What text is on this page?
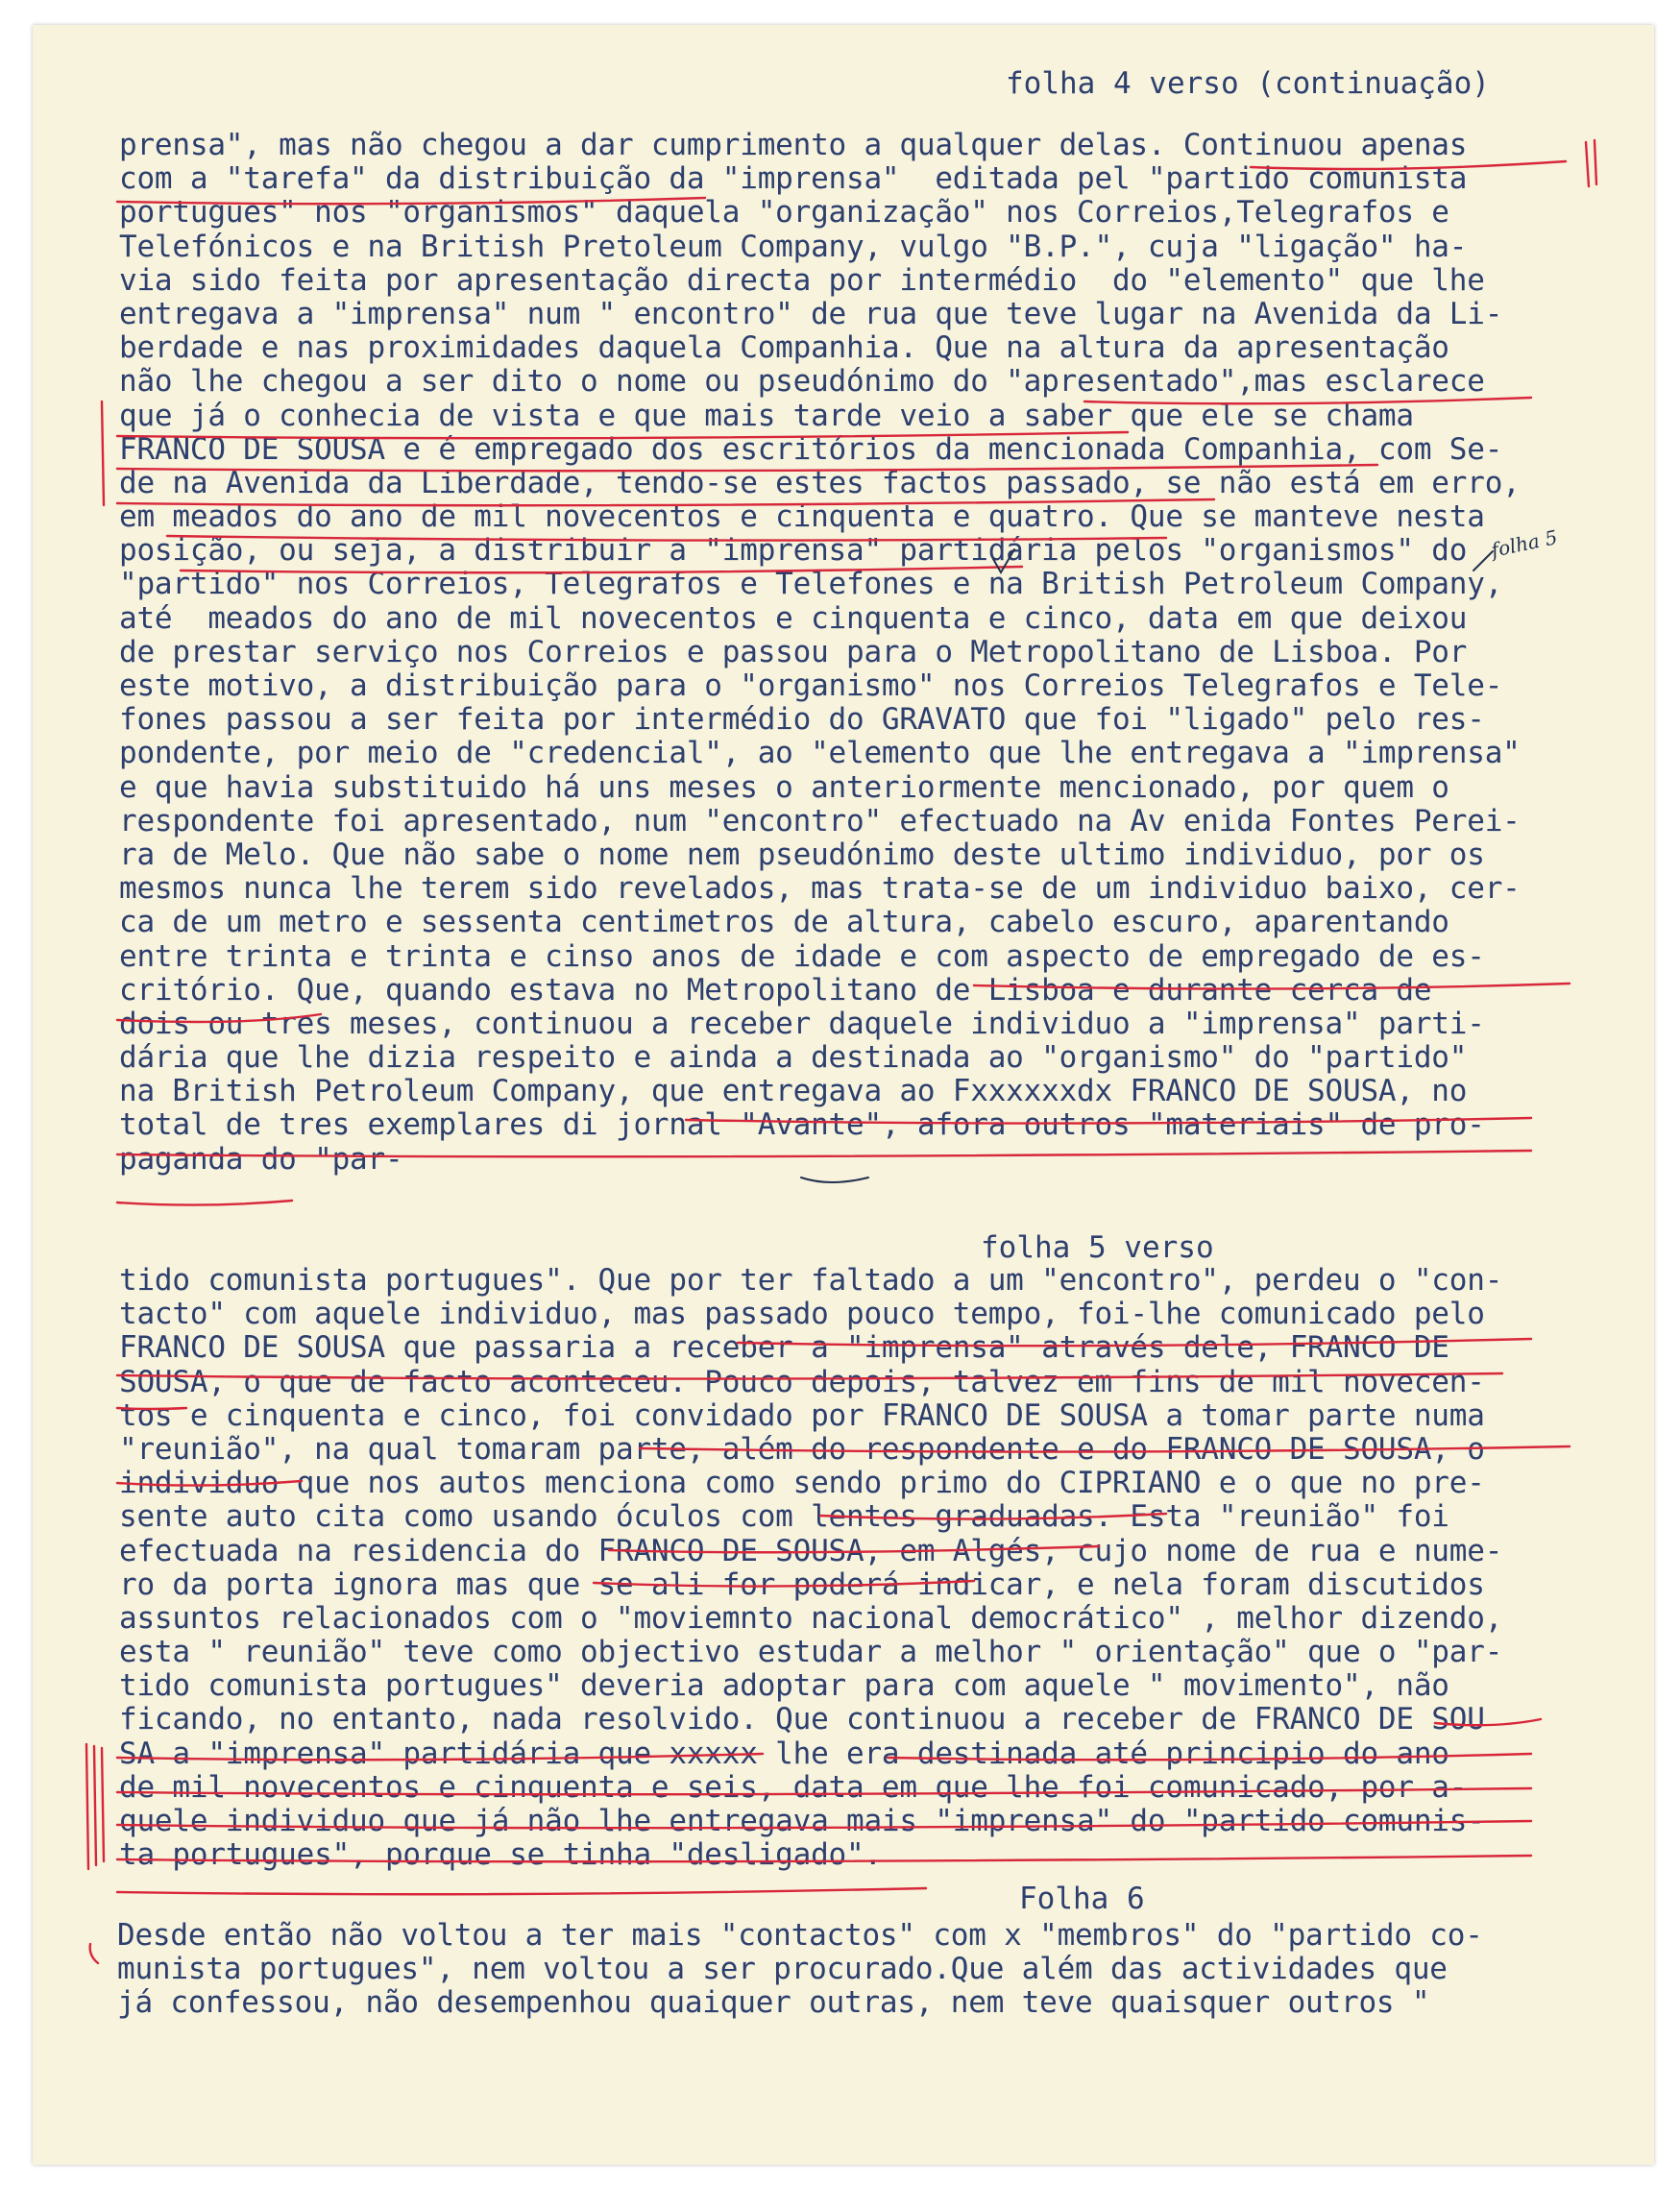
folha 4 verso (continuação)
prensa", mas não chegou a dar cumprimento a qualquer delas. Continuou apenas
com a "tarefa" da distribuição da "imprensa"  editada pel "partido comunista
portugues" nos "organismos" daquela "organização" nos Correios,Telegrafos e
Telefónicos e na British Pretoleum Company, vulgo "B.P.", cuja "ligação" ha-
via sido feita por apresentação directa por intermédio  do "elemento" que lhe
entregava a "imprensa" num " encontro" de rua que teve lugar na Avenida da Li-
berdade e nas proximidades daquela Companhia. Que na altura da apresentação
não lhe chegou a ser dito o nome ou pseudónimo do "apresentado",mas esclarece
que já o conhecia de vista e que mais tarde veio a saber que ele se chama
FRANCO DE SOUSA e é empregado dos escritórios da mencionada Companhia, com Se-
de na Avenida da Liberdade, tendo-se estes factos passado, se não está em erro,
em meados do ano de mil novecentos e cinquenta e quatro. Que se manteve nesta
posição, ou seja, a distribuir a "imprensa" partidária pelos "organismos" do
"partido" nos Correios, Telegrafos e Telefones e na British Petroleum Company,
até  meados do ano de mil novecentos e cinquenta e cinco, data em que deixou
de prestar serviço nos Correios e passou para o Metropolitano de Lisboa. Por
este motivo, a distribuição para o "organismo" nos Correios Telegrafos e Tele-
fones passou a ser feita por intermédio do GRAVATO que foi "ligado" pelo res-
pondente, por meio de "credencial", ao "elemento que lhe entregava a "imprensa"
e que havia substituido há uns meses o anteriormente mencionado, por quem o
respondente foi apresentado, num "encontro" efectuado na Av enida Fontes Perei-
ra de Melo. Que não sabe o nome nem pseudónimo deste ultimo individuo, por os
mesmos nunca lhe terem sido revelados, mas trata-se de um individuo baixo, cer-
ca de um metro e sessenta centimetros de altura, cabelo escuro, aparentando
entre trinta e trinta e cinso anos de idade e com aspecto de empregado de es-
critório. Que, quando estava no Metropolitano de Lisboa e durante cerca de
dois ou tres meses, continuou a receber daquele individuo a "imprensa" parti-
dária que lhe dizia respeito e ainda a destinada ao "organismo" do "partido"
na British Petroleum Company, que entregava ao Fxxxxxxdx FRANCO DE SOUSA, no
total de tres exemplares di jornal "Avante", afora outros "materiais" de pro-
paganda do "par-
folha 5 verso
tido comunista portugues". Que por ter faltado a um "encontro", perdeu o "con-
tacto" com aquele individuo, mas passado pouco tempo, foi-lhe comunicado pelo
FRANCO DE SOUSA que passaria a receber a "imprensa" através dele, FRANCO DE
SOUSA, o que de facto aconteceu. Pouco depois, talvez em fins de mil novecen-
tos e cinquenta e cinco, foi convidado por FRANCO DE SOUSA a tomar parte numa
"reunião", na qual tomaram parte, além do respondente e do FRANCO DE SOUSA, o
individuo que nos autos menciona como sendo primo do CIPRIANO e o que no pre-
sente auto cita como usando óculos com lentes graduadas. Esta "reunião" foi
efectuada na residencia do FRANCO DE SOUSA, em Algés, cujo nome de rua e nume-
ro da porta ignora mas que se ali for poderá indicar, e nela foram discutidos
assuntos relacionados com o "moviemnto nacional democrático" , melhor dizendo,
esta " reunião" teve como objectivo estudar a melhor " orientação" que o "par-
tido comunista portugues" deveria adoptar para com aquele " movimento", não
ficando, no entanto, nada resolvido. Que continuou a receber de FRANCO DE SOU
SA a "imprensa" partidária que xxxxx lhe era destinada até principio do ano
de mil novecentos e cinquenta e seis, data em que lhe foi comunicado, por a-
quele individuo que já não lhe entregava mais "imprensa" do "partido comunis-
ta portugues", porque se tinha "desligado".
Folha 6
Desde então não voltou a ter mais "contactos" com x "membros" do "partido co-
munista portugues", nem voltou a ser procurado.Que além das actividades que
já confessou, não desempenhou quaiquer outras, nem teve quaisquer outros "
folha 5
